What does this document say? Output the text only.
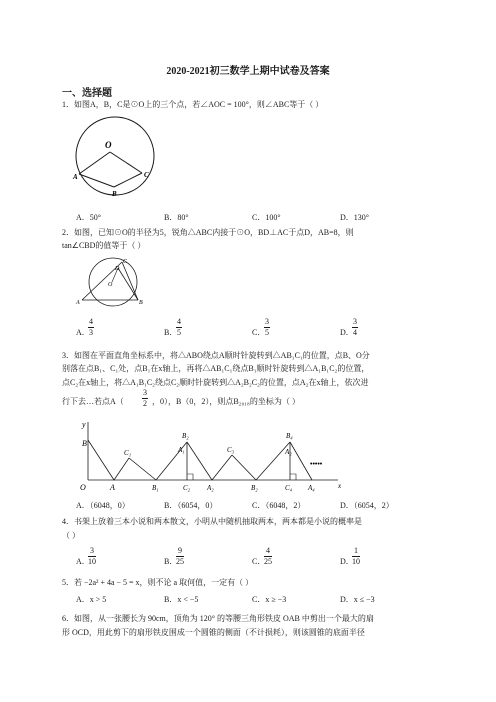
2020-2021初三数学上期中试卷及答案
一、选择题
1．如图A，B，C是⊙O上的三个点，若∠AOC = 100°，则∠ABC等于（ ）
O
A
B
C
A．50°	B．80°	C．100°	D．130°
2．如图，已知⊙O的半径为5，锐角△ABC内接于⊙O，BD⊥AC于点D，AB=8，则
tan∠CBD的值等于（ ）
A	B
C
D
O
A．
$\frac{4}{3}$	B．
$\frac{4}{5}$	C．
$\frac{3}{5}$	D．
$\frac{3}{4}$
3．如图在平面直角坐标系中，将△ABO绕点A顺时针旋转到△AB₁C₁的位置，点B、O分
别落在点B₁、C₁处，点B₁在x轴上，再将△AB₁C₁绕点B₁顺时针旋转到△A₁B₁C₂的位置，
点C₂在x轴上，将△A₁B₁C₂绕点C₂顺时针旋转到△A₂B₂C₂的位置，点A₂在x轴上，依次进
行下去…若点$A( \frac{3}{2}$ ，0），B（0，2），则点B₂₀₁₈的坐标为（ ）
y
B
O	A
C₁
B₁
B₂
A₁
C₂ A₂
C₃
B₂
B₄
A₂
C₄ A₄
•••••
x
A．（6048，0）	B．（6054，0）	C．（6048，2）	D．（6054，2）
4．书架上放着三本小说和两本散文，小明从中随机抽取两本，两本都是小说的概率是
（ ）
A．
$\frac{3}{10}$	B．
$\frac{9}{25}$	C．
$\frac{4}{25}$	D．
$\frac{1}{10}$
5．若 −2a² + 4a − 5 = x，则不论 a 取何值，一定有（ ）
A．x > 5	B．x < −5	C．x ≥ −3	D．x ≤ −3
6．如图，从一张腰长为 90cm，顶角为 120° 的等腰三角形铁皮 OAB 中剪出一个最大的扇
形 OCD，用此剪下的扇形铁皮围成一个圆锥的侧面（不计损耗），则该圆锥的底面半径
